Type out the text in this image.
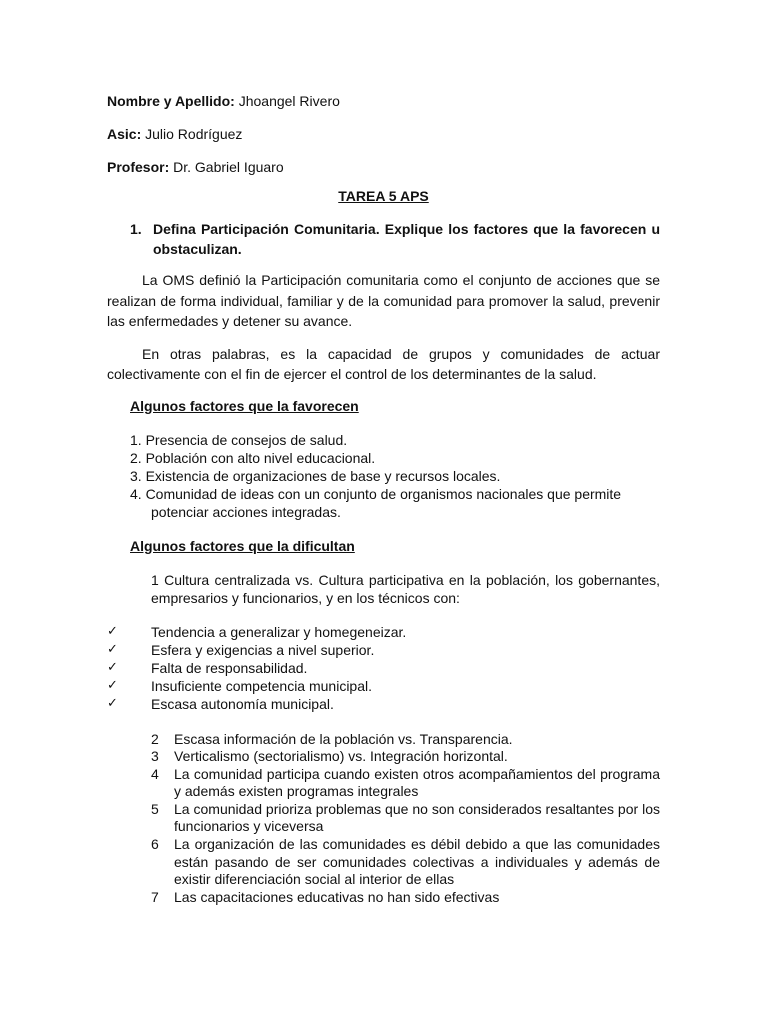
Nombre y Apellido: Jhoangel Rivero

Asic: Julio Rodríguez

Profesor: Dr. Gabriel Iguaro

TAREA 5 APS

1. Defina Participación Comunitaria. Explique los factores que la favorecen u obstaculizan.

La OMS definió la Participación comunitaria como el conjunto de acciones que se realizan de forma individual, familiar y de la comunidad para promover la salud, prevenir las enfermedades y detener su avance.

En otras palabras, es la capacidad de grupos y comunidades de actuar colectivamente con el fin de ejercer el control de los determinantes de la salud.

Algunos factores que la favorecen

1. Presencia de consejos de salud.
2. Población con alto nivel educacional.
3. Existencia de organizaciones de base y recursos locales.
4. Comunidad de ideas con un conjunto de organismos nacionales que permite potenciar acciones integradas.

Algunos factores que la dificultan

1 Cultura centralizada vs. Cultura participativa en la población, los gobernantes, empresarios y funcionarios, y en los técnicos con:

✓	Tendencia a generalizar y homegeneizar.
✓	Esfera y exigencias a nivel superior.
✓	Falta de responsabilidad.
✓	Insuficiente competencia municipal.
✓	Escasa autonomía municipal.
2	Escasa información de la población vs. Transparencia.
3	Verticalismo (sectorialismo) vs. Integración horizontal.
4	La comunidad participa cuando existen otros acompañamientos del programa y además existen programas integrales
5	La comunidad prioriza problemas que no son considerados resaltantes por los funcionarios y viceversa
6	La organización de las comunidades es débil debido a que las comunidades están pasando de ser comunidades colectivas a individuales y además de existir diferenciación social al interior de ellas
7	Las capacitaciones educativas no han sido efectivas
